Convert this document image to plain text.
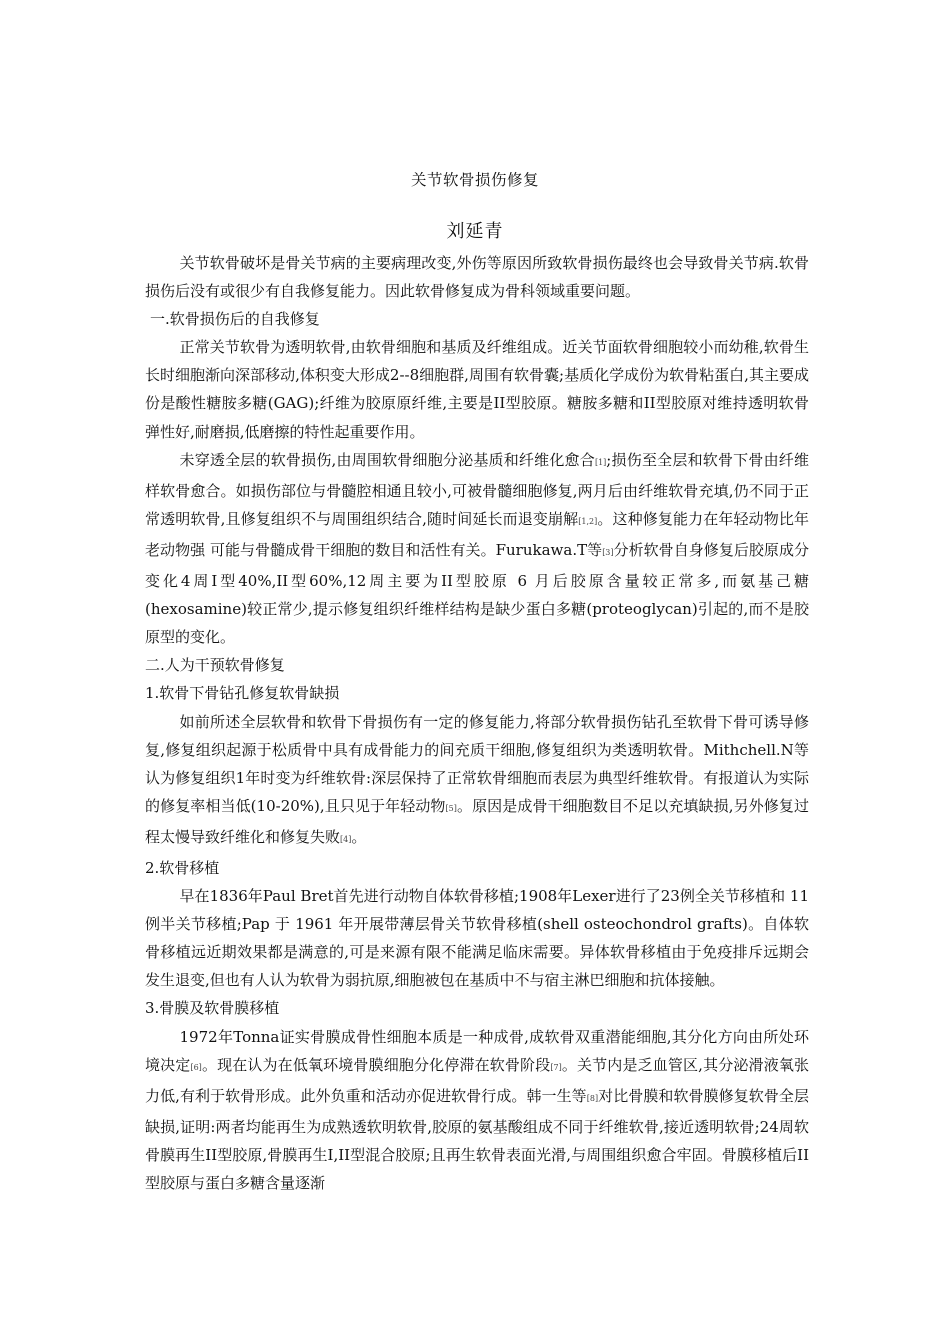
关节软骨损伤修复
刘延青

关节软骨破坏是骨关节病的主要病理改变,外伤等原因所致软骨损伤最终也会导致骨关节病.软骨损伤后没有或很少有自我修复能力。因此软骨修复成为骨科领域重要问题。

一.软骨损伤后的自我修复

正常关节软骨为透明软骨,由软骨细胞和基质及纤维组成。近关节面软骨细胞较小而幼稚,软骨生长时细胞渐向深部移动,体积变大形成2--8细胞群,周围有软骨囊;基质化学成份为软骨粘蛋白,其主要成份是酸性糖胺多糖(GAG);纤维为胶原原纤维,主要是II型胶原。糖胺多糖和II型胶原对维持透明软骨弹性好,耐磨损,低磨擦的特性起重要作用。

未穿透全层的软骨损伤,由周围软骨细胞分泌基质和纤维化愈合[1];损伤至全层和软骨下骨由纤维样软骨愈合。如损伤部位与骨髓腔相通且较小,可被骨髓细胞修复,两月后由纤维软骨充填,仍不同于正常透明软骨,且修复组织不与周围组织结合,随时间延长而退变崩解[1,2]。这种修复能力在年轻动物比年老动物强 可能与骨髓成骨干细胞的数目和活性有关。Furukawa.T等[3]分析软骨自身修复后胶原成分变化4周I型40%,II型60%,12周主要为II型胶原 6 月后胶原含量较正常多,而氨基己糖(hexosamine)较正常少,提示修复组织纤维样结构是缺少蛋白多糖(proteoglycan)引起的,而不是胶原型的变化。

二.人为干预软骨修复

1.软骨下骨钻孔修复软骨缺损

如前所述全层软骨和软骨下骨损伤有一定的修复能力,将部分软骨损伤钻孔至软骨下骨可诱导修复,修复组织起源于松质骨中具有成骨能力的间充质干细胞,修复组织为类透明软骨。Mithchell.N等认为修复组织1年时变为纤维软骨:深层保持了正常软骨细胞而表层为典型纤维软骨。有报道认为实际的修复率相当低(10-20%),且只见于年轻动物[5]。原因是成骨干细胞数目不足以充填缺损,另外修复过程太慢导致纤维化和修复失败[4]。

2.软骨移植

早在1836年Paul Bret首先进行动物自体软骨移植;1908年Lexer进行了23例全关节移植和 11 例半关节移植;Pap 于 1961 年开展带薄层骨关节软骨移植(shell osteochondrol grafts)。自体软骨移植远近期效果都是满意的,可是来源有限不能满足临床需要。异体软骨移植由于免疫排斥远期会发生退变,但也有人认为软骨为弱抗原,细胞被包在基质中不与宿主淋巴细胞和抗体接触。

3.骨膜及软骨膜移植

1972年Tonna证实骨膜成骨性细胞本质是一种成骨,成软骨双重潜能细胞,其分化方向由所处环境决定[6]。现在认为在低氧环境骨膜细胞分化停滞在软骨阶段[7]。关节内是乏血管区,其分泌滑液氧张力低,有利于软骨形成。此外负重和活动亦促进软骨行成。韩一生等[8]对比骨膜和软骨膜修复软骨全层缺损,证明:两者均能再生为成熟透软明软骨,胶原的氨基酸组成不同于纤维软骨,接近透明软骨;24周软骨膜再生II型胶原,骨膜再生I,II型混合胶原;且再生软骨表面光滑,与周围组织愈合牢固。骨膜移植后II型胶原与蛋白多糖含量逐渐
